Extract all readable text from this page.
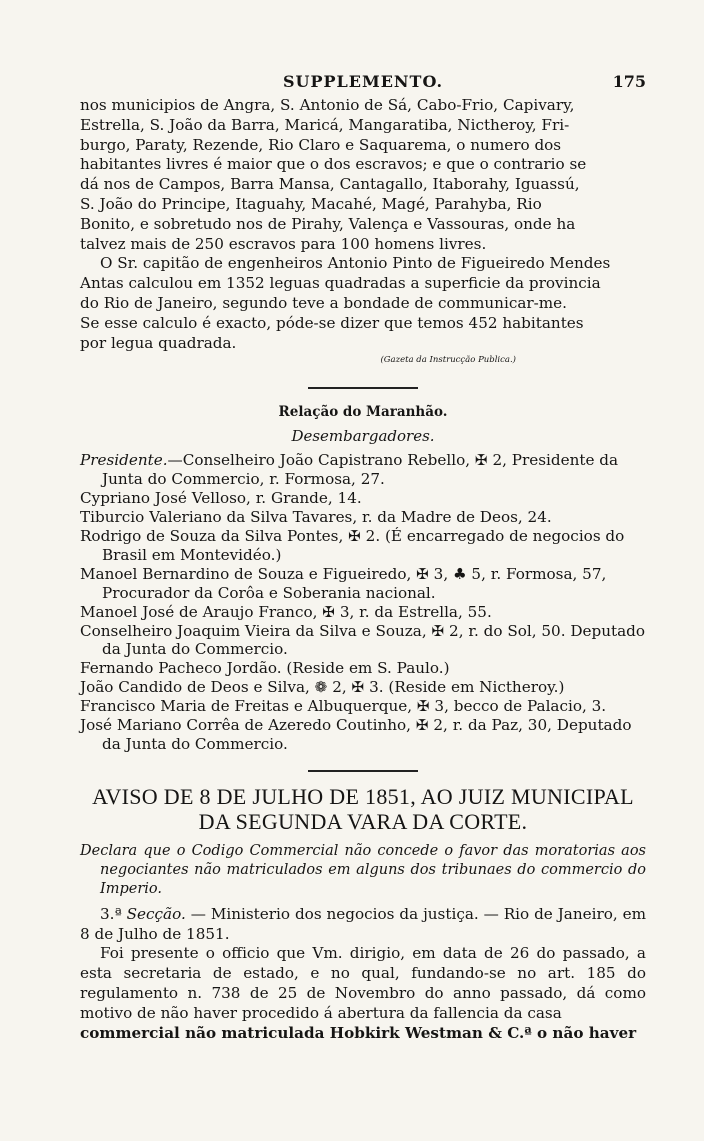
SUPPLEMENTO.	175

nos municipios de Angra, S. Antonio de Sá, Cabo-Frio, Capivary,

Estrella, S. João da Barra, Maricá, Mangaratiba, Nictheroy, Fri-

burgo, Paraty, Rezende, Rio Claro e Saquarema, o numero dos

habitantes livres é maior que o dos escravos; e que o contrario se

dá nos de Campos, Barra Mansa, Cantagallo, Itaborahy, Iguassú,

S. João do Principe, Itaguahy, Macahé, Magé, Parahyba, Rio

Bonito, e sobretudo nos de Pirahy, Valença e Vassouras, onde ha

talvez mais de 250 escravos para 100 homens livres.

O Sr. capitão de engenheiros Antonio Pinto de Figueiredo Mendes

Antas calculou em 1352 leguas quadradas a superficie da provincia

do Rio de Janeiro, segundo teve a bondade de communicar-me.

Se esse calculo é exacto, póde-se dizer que temos 452 habitantes

por legua quadrada.

(Gazeta da Instrucção Publica.)

Relação do Maranhão.

Desembargadores.

Presidente.—Conselheiro João Capistrano Rebello, ✠ 2, Presidente da Junta do Commercio, r. Formosa, 27.

Cypriano José Velloso, r. Grande, 14.

Tiburcio Valeriano da Silva Tavares, r. da Madre de Deos, 24.

Rodrigo de Souza da Silva Pontes, ✠ 2. (É encarregado de negocios do Brasil em Montevidéo.)

Manoel Bernardino de Souza e Figueiredo, ✠ 3, ♣ 5, r. Formosa, 57, Procurador da Corôa e Soberania nacional.

Manoel José de Araujo Franco, ✠ 3, r. da Estrella, 55.

Conselheiro Joaquim Vieira da Silva e Souza, ✠ 2, r. do Sol, 50. Deputado da Junta do Commercio.

Fernando Pacheco Jordão. (Reside em S. Paulo.)

João Candido de Deos e Silva, ❁ 2, ✠ 3. (Reside em Nictheroy.)

Francisco Maria de Freitas e Albuquerque, ✠ 3, becco de Palacio, 3.

José Mariano Corrêa de Azeredo Coutinho, ✠ 2, r. da Paz, 30, Deputado da Junta do Commercio.

AVISO DE 8 DE JULHO DE 1851, AO JUIZ MUNICIPAL

DA SEGUNDA VARA DA CORTE.

Declara que o Codigo Commercial não concede o favor das moratorias aos negociantes não matriculados em alguns dos tribunaes do commercio do Imperio.

3.ª Secção. — Ministerio dos negocios da justiça. — Rio de Janeiro, em 8 de Julho de 1851.

Foi presente o officio que Vm. dirigio, em data de 26 do passado, a esta secretaria de estado, e no qual, fundando-se no art. 185 do regulamento n. 738 de 25 de Novembro do anno passado, dá como motivo de não haver procedido á abertura da fallencia da casa

commercial não matriculada Hobkirk Westman & C.ª o não haver
